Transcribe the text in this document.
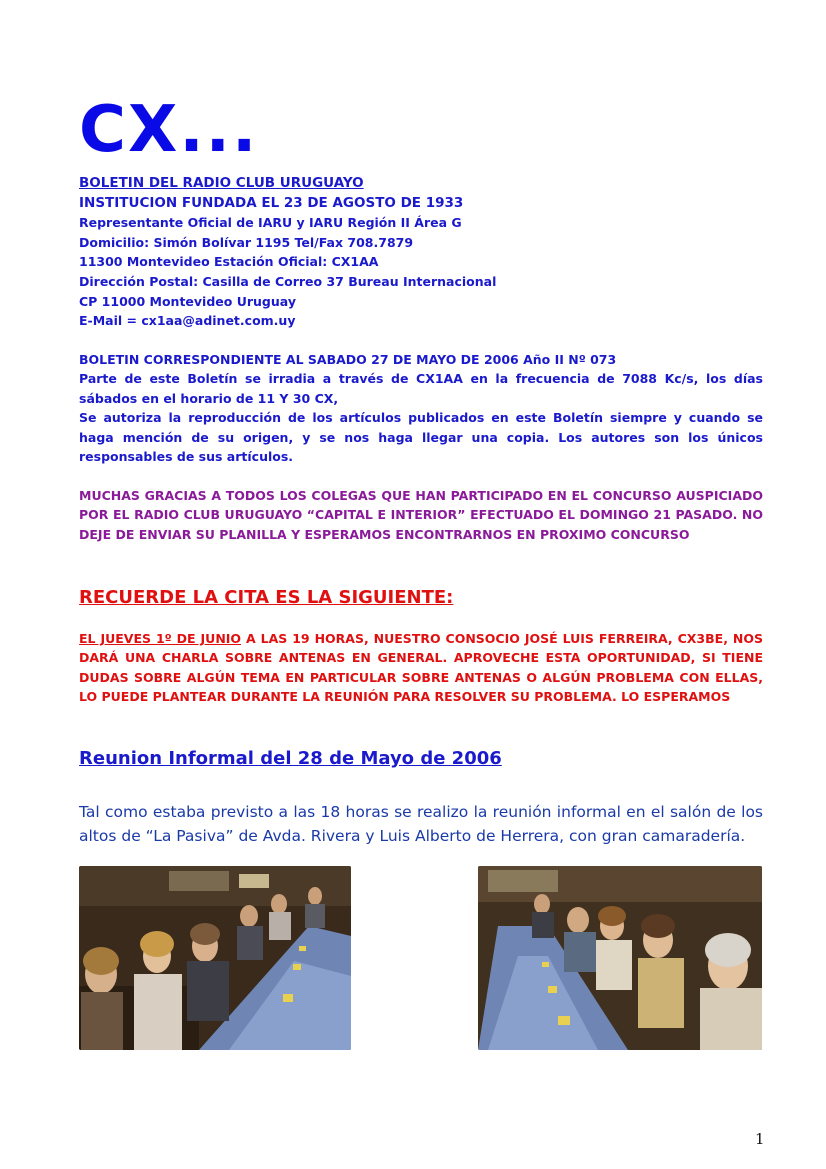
CX...
BOLETIN DEL RADIO CLUB URUGUAYO
INSTITUCION FUNDADA EL 23 DE AGOSTO DE 1933
Representante Oficial de IARU y IARU Región II Área G
Domicilio: Simón Bolívar 1195 Tel/Fax 708.7879
11300 Montevideo Estación Oficial: CX1AA
Dirección Postal: Casilla de Correo 37 Bureau Internacional
CP 11000 Montevideo Uruguay
E-Mail = cx1aa@adinet.com.uy
BOLETIN CORRESPONDIENTE AL SABADO 27 DE MAYO DE 2006 Año II Nº 073
Parte de este Boletín se irradia a través de CX1AA en la frecuencia de 7088 Kc/s, los días sábados en el horario de 11 Y 30 CX,
Se autoriza la reproducción de los artículos publicados en este Boletín siempre y cuando se haga mención de su origen, y se nos haga llegar una copia. Los autores son los únicos responsables de sus artículos.
MUCHAS GRACIAS A TODOS LOS COLEGAS QUE HAN PARTICIPADO EN EL CONCURSO AUSPICIADO POR EL RADIO CLUB URUGUAYO “CAPITAL E INTERIOR” EFECTUADO EL DOMINGO 21 PASADO. NO DEJE DE ENVIAR SU PLANILLA Y ESPERAMOS ENCONTRARNOS EN PROXIMO CONCURSO
RECUERDE LA CITA ES LA SIGUIENTE:
EL JUEVES 1º DE JUNIO A LAS 19 HORAS, NUESTRO CONSOCIO JOSÉ LUIS FERREIRA, CX3BE, NOS DARÁ UNA CHARLA SOBRE ANTENAS EN GENERAL. APROVECHE ESTA OPORTUNIDAD, SI TIENE DUDAS SOBRE ALGÚN TEMA EN PARTICULAR SOBRE ANTENAS O ALGÚN PROBLEMA CON ELLAS, LO PUEDE PLANTEAR DURANTE LA REUNIÓN PARA RESOLVER SU PROBLEMA. LO ESPERAMOS
Reunion Informal del 28 de Mayo de 2006
Tal como estaba previsto a las 18 horas se realizo la reunión informal en el salón de los altos de “La Pasiva” de Avda. Rivera y Luis Alberto de Herrera, con gran camaradería.
1
